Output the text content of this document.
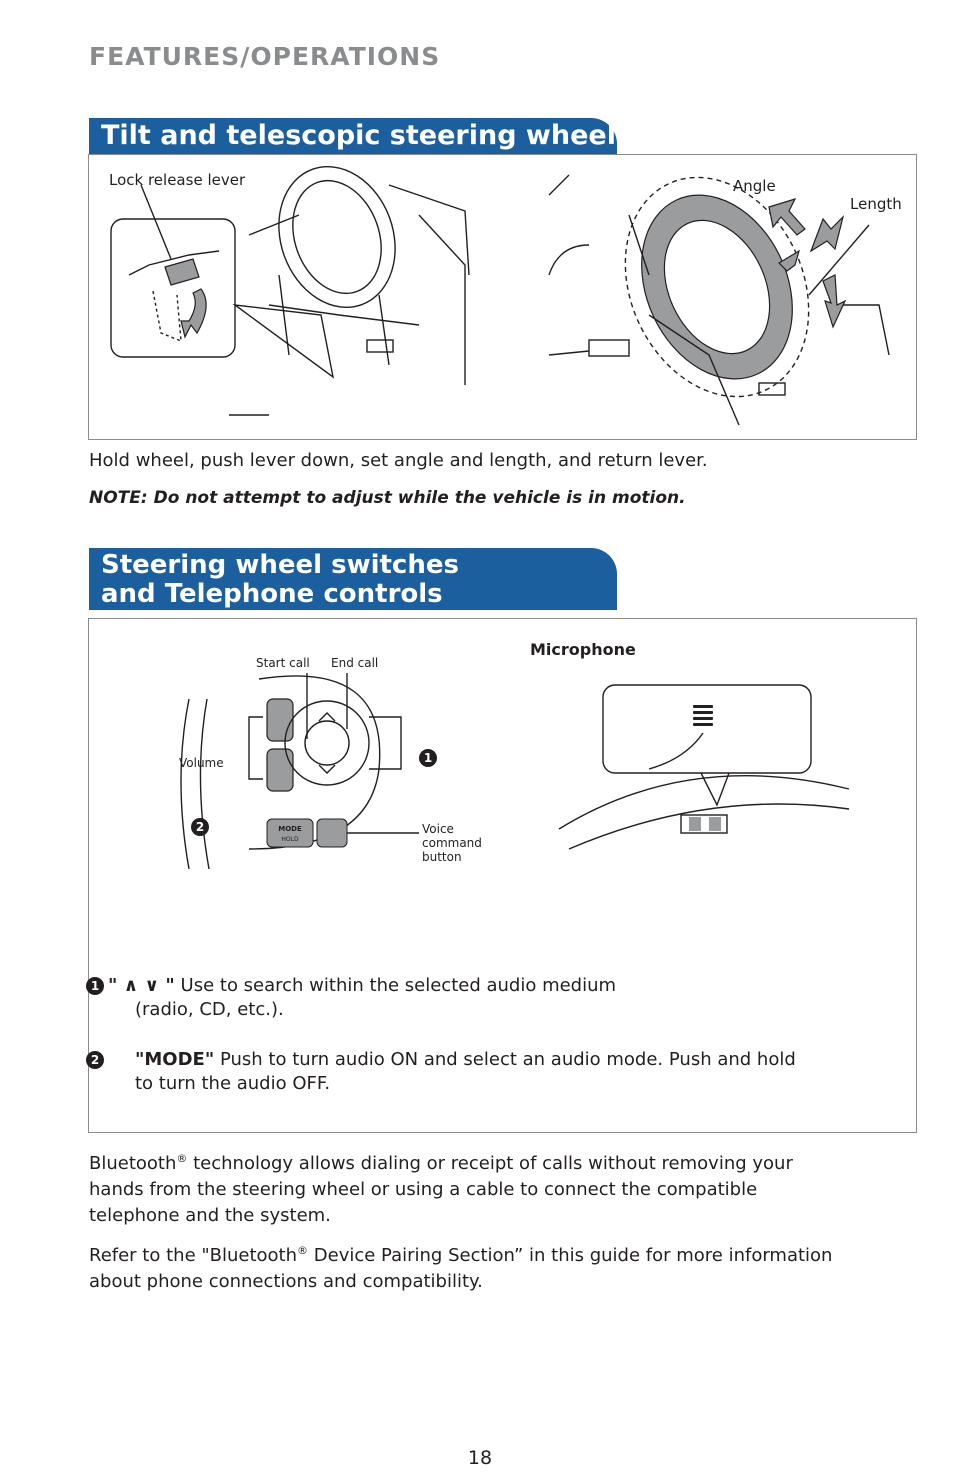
FEATURES/OPERATIONS
Tilt and telescopic steering wheel
Lock release lever	Angle
Length
Hold wheel, push lever down, set angle and length, and return lever.
NOTE: Do not attempt to adjust while the vehicle is in motion.
Steering wheel switches
and Telephone controls
MODE
HOLD
Start call End call
Volume
Voice
command
button
Microphone
1
2
1 " ∧ ∨ " Use to search within the selected audio medium
(radio, CD, etc.).
2 "MODE" Push to turn audio ON and select an audio mode. Push and hold
to turn the audio OFF.
Bluetooth® technology allows dialing or receipt of calls without removing your
hands from the steering wheel or using a cable to connect the compatible
telephone and the system.
Refer to the "Bluetooth® Device Pairing Section” in this guide for more information
about phone connections and compatibility.
18
